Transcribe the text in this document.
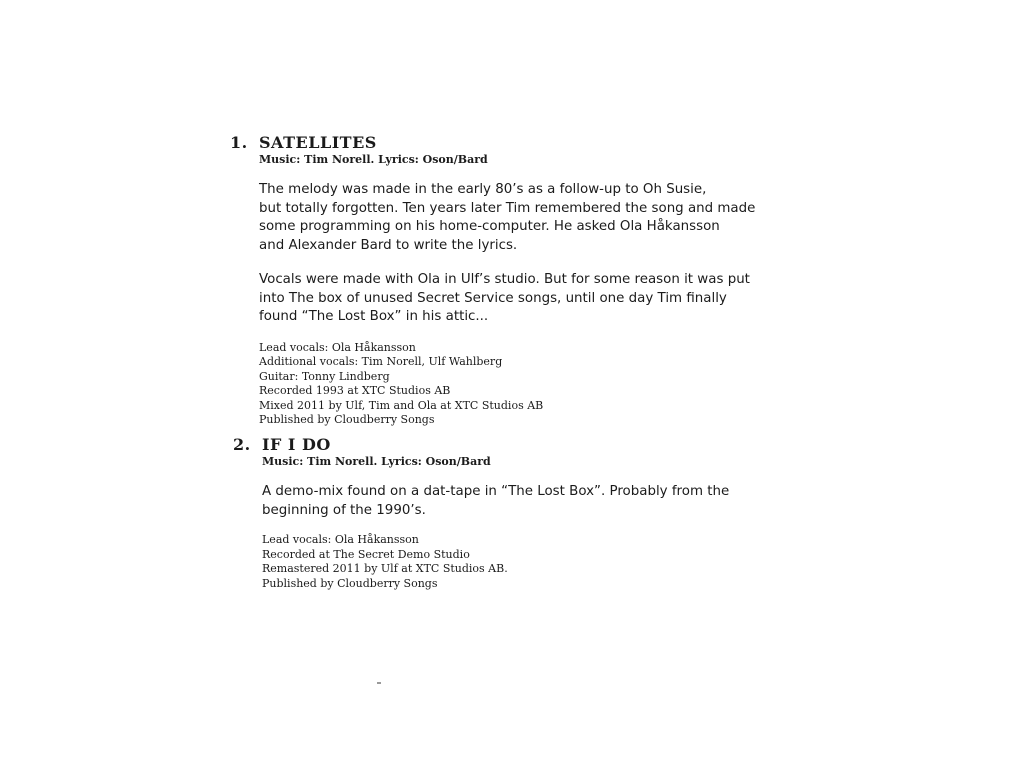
1. SATELLITES
Music: Tim Norell. Lyrics: Oson/Bard

The melody was made in the early 80’s as a follow-up to Oh Susie,
but totally forgotten. Ten years later Tim remembered the song and made
some programming on his home-computer. He asked Ola Håkansson
and Alexander Bard to write the lyrics.

Vocals were made with Ola in Ulf’s studio. But for some reason it was put
into The box of unused Secret Service songs, until one day Tim finally
found “The Lost Box” in his attic...

Lead vocals: Ola Håkansson
Additional vocals: Tim Norell, Ulf Wahlberg
Guitar: Tonny Lindberg
Recorded 1993 at XTC Studios AB
Mixed 2011 by Ulf, Tim and Ola at XTC Studios AB
Published by Cloudberry Songs
2. IF I DO
Music: Tim Norell. Lyrics: Oson/Bard

A demo-mix found on a dat-tape in “The Lost Box”. Probably from the
beginning of the 1990’s.

Lead vocals: Ola Håkansson
Recorded at The Secret Demo Studio
Remastered 2011 by Ulf at XTC Studios AB.
Published by Cloudberry Songs
